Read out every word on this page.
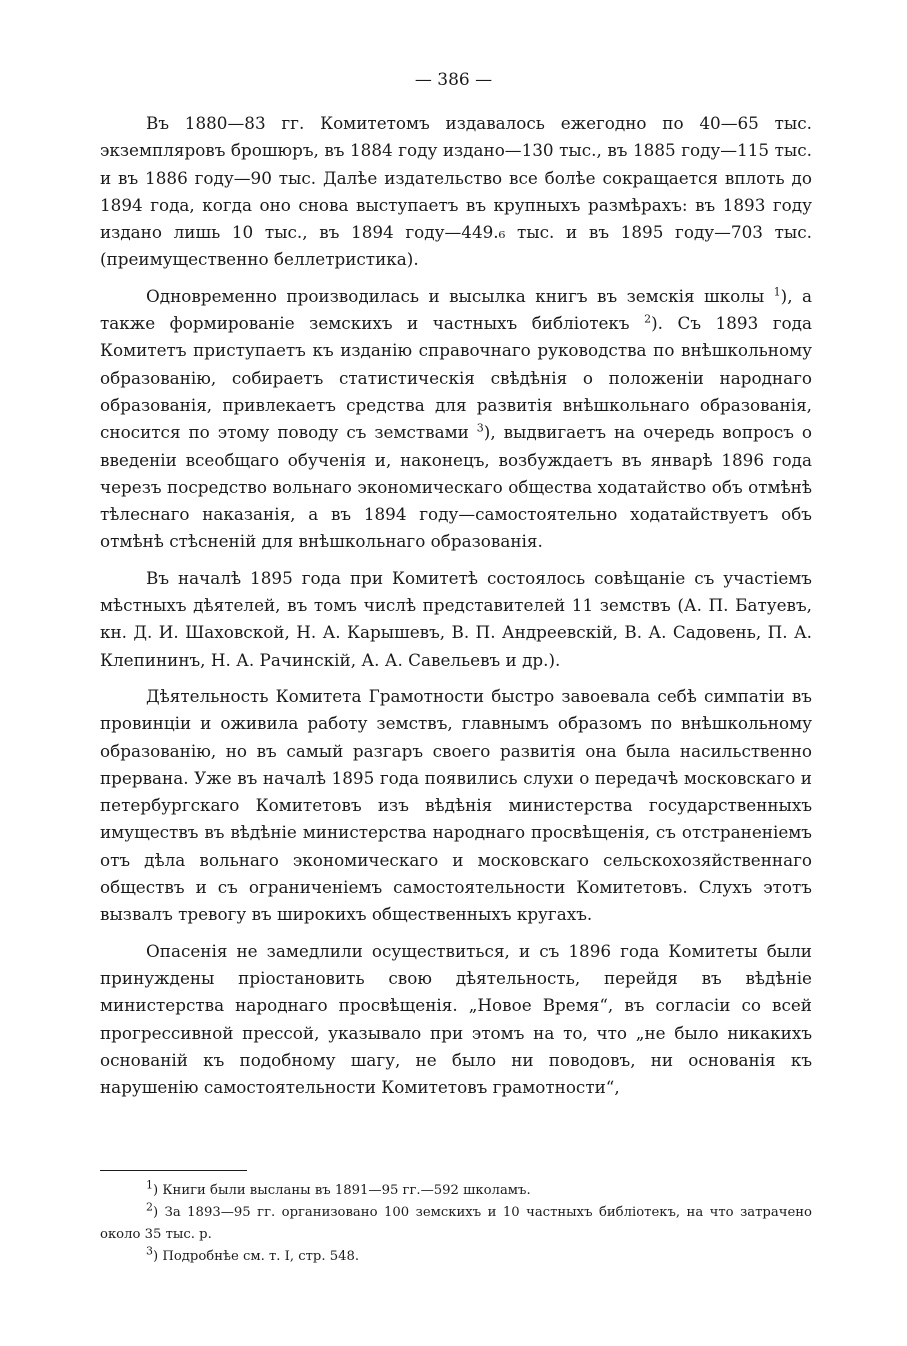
— 386 —

Въ 1880—83 гг. Комитетомъ издавалось ежегодно по 40—65 тыс. экземпляровъ брошюръ, въ 1884 году издано—130 тыс., въ 1885 году—115 тыс. и въ 1886 году—90 тыс. Далѣе издательство все болѣе сокращается вплоть до 1894 года, когда оно снова выступаетъ въ крупныхъ размѣрахъ: въ 1893 году издано лишь 10 тыс., въ 1894 году—449.₆ тыс. и въ 1895 году—703 тыс. (преимущественно беллетристика).

Одновременно производилась и высылка книгъ въ земскія школы $^1$), а также формированіе земскихъ и частныхъ библіотекъ $^2$). Съ 1893 года Комитетъ приступаетъ къ изданію справочнаго руководства по внѣшкольному образованію, собираетъ статистическія свѣдѣнія о положеніи народнаго образованія, привлекаетъ средства для развитія внѣшкольнаго образованія, сносится по этому поводу съ земствами $^3$), выдвигаетъ на очередь вопросъ о введеніи всеобщаго обученія и, наконецъ, возбуждаетъ въ январѣ 1896 года черезъ посредство вольнаго экономическаго общества ходатайство объ отмѣнѣ тѣлеснаго наказанія, а въ 1894 году—самостоятельно ходатайствуетъ объ отмѣнѣ стѣсненій для внѣшкольнаго образованія.

Въ началѣ 1895 года при Комитетѣ состоялось совѣщаніе съ участіемъ мѣстныхъ дѣятелей, въ томъ числѣ представителей 11 земствъ (А. П. Батуевъ, кн. Д. И. Шаховской, Н. А. Карышевъ, В. П. Андреевскій, В. А. Садовень, П. А. Клепининъ, Н. А. Рачинскій, А. А. Савельевъ и др.).

Дѣятельность Комитета Грамотности быстро завоевала себѣ симпатіи въ провинціи и оживила работу земствъ, главнымъ образомъ по внѣшкольному образованію, но въ самый разгаръ своего развитія она была насильственно прервана. Уже въ началѣ 1895 года появились слухи о передачѣ московскаго и петербургскаго Комитетовъ изъ вѣдѣнія министерства государственныхъ имуществъ въ вѣдѣніе министерства народнаго просвѣщенія, съ отстраненіемъ отъ дѣла вольнаго экономическаго и московскаго сельскохозяйственнаго обществъ и съ ограниченіемъ самостоятельности Комитетовъ. Слухъ этотъ вызвалъ тревогу въ широкихъ общественныхъ кругахъ.

Опасенія не замедлили осуществиться, и съ 1896 года Комитеты были принуждены пріостановить свою дѣятельность, перейдя въ вѣдѣніе министерства народнаго просвѣщенія. „Новое Время“, въ согласіи со всей прогрессивной прессой, указывало при этомъ на то, что „не было никакихъ основаній къ подобному шагу, не было ни поводовъ, ни основанія къ нарушенію самостоятельности Комитетовъ грамотности“,

$^1$) Книги были высланы въ 1891—95 гг.—592 школамъ.

$^2$) За 1893—95 гг. организовано 100 земскихъ и 10 частныхъ библіотекъ, на что затрачено около 35 тыс. р.

$^3$) Подробнѣе см. т. I, стр. 548.
